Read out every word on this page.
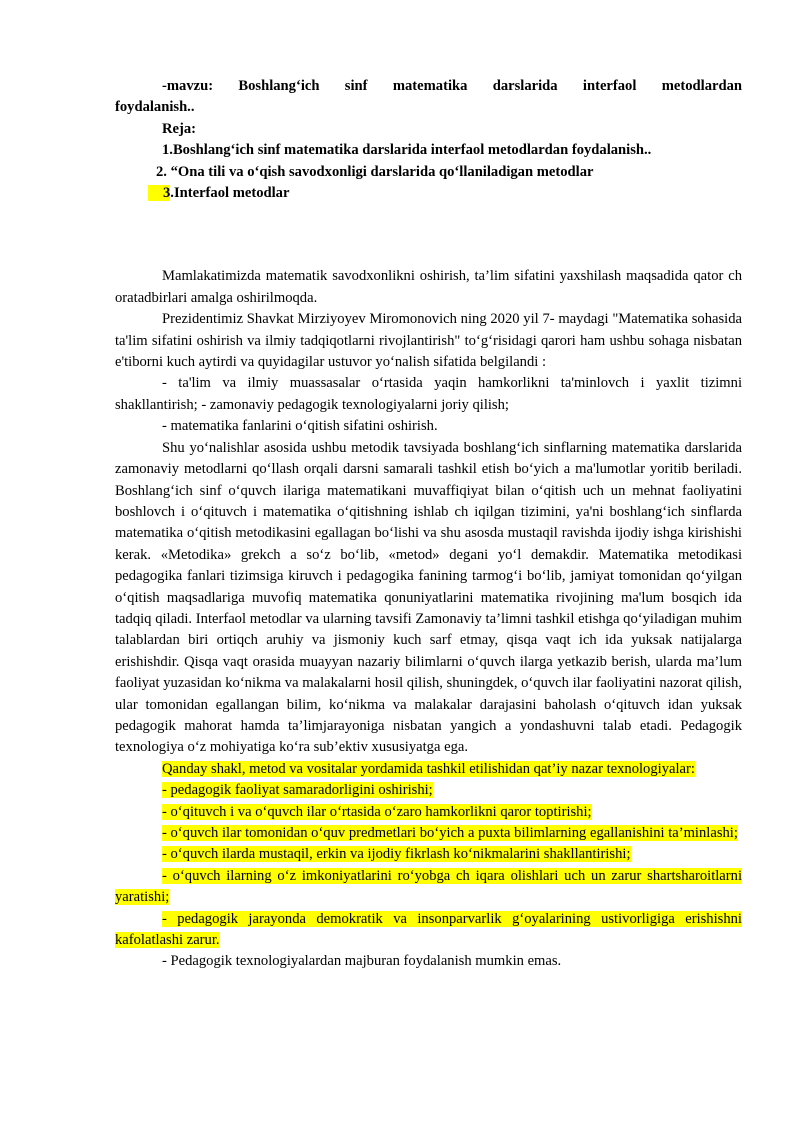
-mavzu: Boshlang‘ich sinf matematika darslarida interfaol metodlardan

foydalanish..

Reja:

1.Boshlang‘ich sinf matematika darslarida interfaol metodlardan foydalanish..

2. “Ona tili va o‘qish savodxonligi darslarida qo‘llaniladigan metodlar

3.Interfaol metodlar

Mamlakatimizda matematik savodxonlikni oshirish, ta’lim sifatini yaxshilash maqsadida qator ch oratadbirlari amalga oshirilmoqda.

Prezidentimiz Shavkat Mirziyoyev Miromonovich ning 2020 yil 7- maydagi "Matematika sohasida ta'lim sifatini oshirish va ilmiy tadqiqotlarni rivojlantirish" to‘g‘risidagi qarori ham ushbu sohaga nisbatan e'tiborni kuch aytirdi va quyidagilar ustuvor yo‘nalish sifatida belgilandi :

- ta'lim va ilmiy muassasalar o‘rtasida yaqin hamkorlikni ta'minlovch i yaxlit tizimni shakllantirish; - zamonaviy pedagogik texnologiyalarni joriy qilish;

- matematika fanlarini o‘qitish sifatini oshirish.

Shu yo‘nalishlar asosida ushbu metodik tavsiyada boshlang‘ich sinflarning matematika darslarida zamonaviy metodlarni qo‘llash orqali darsni samarali tashkil etish bo‘yich a ma'lumotlar yoritib beriladi. Boshlang‘ich sinf o‘quvch ilariga matematikani muvaffiqiyat bilan o‘qitish uch un mehnat faoliyatini boshlovch i o‘qituvch i matematika o‘qitishning ishlab ch iqilgan tizimini, ya'ni boshlang‘ich sinflarda matematika o‘qitish metodikasini egallagan bo‘lishi va shu asosda mustaqil ravishda ijodiy ishga kirishishi kerak. «Metodika» grekch a so‘z bo‘lib, «metod» degani yo‘l demakdir. Matematika metodikasi pedagogika fanlari tizimsiga kiruvch i pedagogika fanining tarmog‘i bo‘lib, jamiyat tomonidan qo‘yilgan o‘qitish maqsadlariga muvofiq matematika qonuniyatlarini matematika rivojining ma'lum bosqich ida tadqiq qiladi. Interfaol metodlar va ularning tavsifi Zamonaviy ta’limni tashkil etishga qo‘yiladigan muhim talablardan biri ortiqch aruhiy va jismoniy kuch sarf etmay, qisqa vaqt ich ida yuksak natijalarga erishishdir. Qisqa vaqt orasida muayyan nazariy bilimlarni o‘quvch ilarga yetkazib berish, ularda ma’lum faoliyat yuzasidan ko‘nikma va malakalarni hosil qilish, shuningdek, o‘quvch ilar faoliyatini nazorat qilish, ular tomonidan egallangan bilim, ko‘nikma va malakalar darajasini baholash o‘qituvch idan yuksak pedagogik mahorat hamda ta’limjarayoniga nisbatan yangich a yondashuvni talab etadi. Pedagogik texnologiya o‘z mohiyatiga ko‘ra sub’ektiv xususiyatga ega.

Qanday shakl, metod va vositalar yordamida tashkil etilishidan qat’iy nazar texnologiyalar:

- pedagogik faoliyat samaradorligini oshirishi;

- o‘qituvch i va o‘quvch ilar o‘rtasida o‘zaro hamkorlikni qaror toptirishi;

- o‘quvch ilar tomonidan o‘quv predmetlari bo‘yich a puxta bilimlarning egallanishini ta’minlashi;

- o‘quvch ilarda mustaqil, erkin va ijodiy fikrlash ko‘nikmalarini shakllantirishi;

- o‘quvch ilarning o‘z imkoniyatlarini ro‘yobga ch iqara olishlari uch un zarur shartsharoitlarni yaratishi;

- pedagogik jarayonda demokratik va insonparvarlik g‘oyalarining ustivorligiga erishishni kafolatlashi zarur.

- Pedagogik texnologiyalardan majburan foydalanish mumkin emas.
